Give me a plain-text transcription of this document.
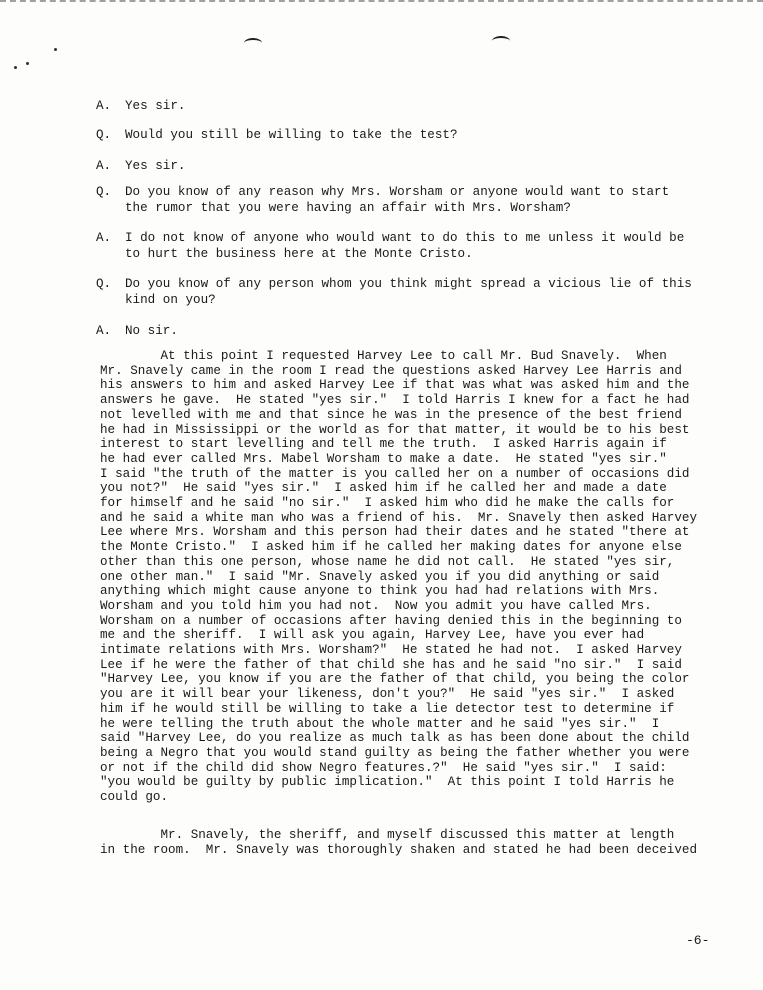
A.	Yes sir.
Q.	Would you still be willing to take the test?
A.	Yes sir.
Q.	Do you know of any reason why Mrs. Worsham or anyone would want to start
the rumor that you were having an affair with Mrs. Worsham?
A.	I do not know of anyone who would want to do this to me unless it would be
to hurt the business here at the Monte Cristo.
Q.	Do you know of any person whom you think might spread a vicious lie of this
kind on you?
A.	No sir.
At this point I requested Harvey Lee to call Mr. Bud Snavely.  When
Mr. Snavely came in the room I read the questions asked Harvey Lee Harris and
his answers to him and asked Harvey Lee if that was what was asked him and the
answers he gave.  He stated "yes sir."  I told Harris I knew for a fact he had
not levelled with me and that since he was in the presence of the best friend
he had in Mississippi or the world as for that matter, it would be to his best
interest to start levelling and tell me the truth.  I asked Harris again if
he had ever called Mrs. Mabel Worsham to make a date.  He stated "yes sir."
I said "the truth of the matter is you called her on a number of occasions did
you not?"  He said "yes sir."  I asked him if he called her and made a date
for himself and he said "no sir."  I asked him who did he make the calls for
and he said a white man who was a friend of his.  Mr. Snavely then asked Harvey
Lee where Mrs. Worsham and this person had their dates and he stated "there at
the Monte Cristo."  I asked him if he called her making dates for anyone else
other than this one person, whose name he did not call.  He stated "yes sir,
one other man."  I said "Mr. Snavely asked you if you did anything or said
anything which might cause anyone to think you had had relations with Mrs.
Worsham and you told him you had not.  Now you admit you have called Mrs.
Worsham on a number of occasions after having denied this in the beginning to
me and the sheriff.  I will ask you again, Harvey Lee, have you ever had
intimate relations with Mrs. Worsham?"  He stated he had not.  I asked Harvey
Lee if he were the father of that child she has and he said "no sir."  I said
"Harvey Lee, you know if you are the father of that child, you being the color
you are it will bear your likeness, don't you?"  He said "yes sir."  I asked
him if he would still be willing to take a lie detector test to determine if
he were telling the truth about the whole matter and he said "yes sir."  I
said "Harvey Lee, do you realize as much talk as has been done about the child
being a Negro that you would stand guilty as being the father whether you were
or not if the child did show Negro features.?"  He said "yes sir."  I said:
"you would be guilty by public implication."  At this point I told Harris he
could go.
Mr. Snavely, the sheriff, and myself discussed this matter at length
in the room.  Mr. Snavely was thoroughly shaken and stated he had been deceived
-6-
